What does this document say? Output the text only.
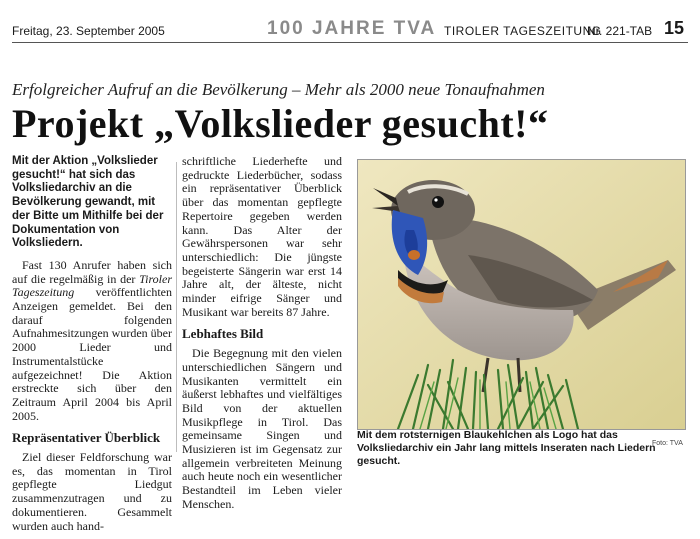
Freitag, 23. September 2005	100 JAHRE TVA TIROLER TAGESZEITUNG
Nr. 221-TAB 15
Erfolgreicher Aufruf an die Bevölkerung – Mehr als 2000 neue Tonaufnahmen
Projekt „Volkslieder gesucht!“
Mit der Aktion „Volkslieder gesucht!“ hat sich das Volksliedarchiv an die Bevölkerung gewandt, mit der Bitte um Mithilfe bei der Dokumentation von Volksliedern.

Fast 130 Anrufer haben sich auf die regelmäßig in der Tiroler Tageszeitung veröffentlichten Anzeigen gemeldet. Bei den darauf folgenden Aufnahmesitzungen wurden über 2000 Lieder und Instrumentalstücke aufgezeichnet! Die Aktion erstreckte sich über den Zeitraum April 2004 bis April 2005.

Repräsentativer Überblick

Ziel dieser Feldforschung war es, das momentan in Tirol gepflegte Liedgut zusammenzutragen und zu dokumentieren. Gesammelt wurden auch hand-

schriftliche Liederhefte und gedruckte Liederbücher, sodass ein repräsentativer Überblick über das momentan gepflegte Repertoire gegeben werden kann. Das Alter der Gewährspersonen war sehr unterschiedlich: Die jüngste begeisterte Sängerin war erst 14 Jahre alt, der älteste, nicht minder eifrige Sänger und Musikant war bereits 87 Jahre.

Lebhaftes Bild

Die Begegnung mit den vielen unterschiedlichen Sängern und Musikanten vermittelt ein äußerst lebhaftes und vielfältiges Bild von der aktuellen Musikpflege in Tirol. Das gemeinsame Singen und Musizieren ist im Gegensatz zur allgemein verbreiteten Meinung auch heute noch ein wesentlicher Bestandteil im Leben vieler Menschen.

Foto: TVA
Mit dem rotsternigen Blaukehlchen als Logo hat das Volksliedarchiv ein Jahr lang mittels Inseraten nach Liedern gesucht.
